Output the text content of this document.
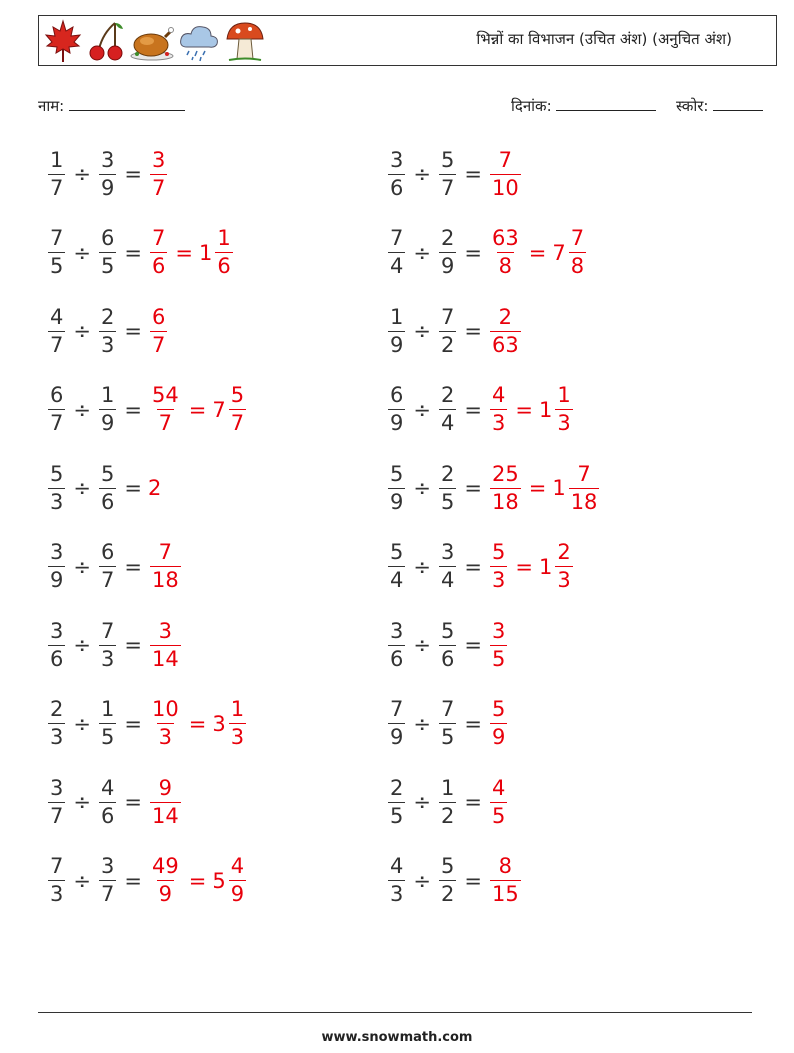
भिन्नों का विभाजन (उचित अंश) (अनुचित अंश)
नाम:	दिनांक:	स्कोर:
$\frac{1}{7} \div \frac{3}{9} = \frac{3}{7}$	$\frac{3}{6} \div \frac{5}{7} = \frac{7}{10}$
$\frac{7}{5} \div \frac{6}{5} = \frac{7}{6} = 1 \frac{1}{6}$	$\frac{7}{4} \div \frac{2}{9} = \frac{63}{8} = 7 \frac{7}{8}$
$\frac{4}{7} \div \frac{2}{3} = \frac{6}{7}$	$\frac{1}{9} \div \frac{7}{2} = \frac{2}{63}$
$\frac{6}{7} \div \frac{1}{9} = \frac{54}{7} = 7 \frac{5}{7}$	$\frac{6}{9} \div \frac{2}{4} = \frac{4}{3} = 1 \frac{1}{3}$
$\frac{5}{3} \div \frac{5}{6} = 2$	$\frac{5}{9} \div \frac{2}{5} = \frac{25}{18} = 1 \frac{7}{18}$
$\frac{3}{9} \div \frac{6}{7} = \frac{7}{18}$	$\frac{5}{4} \div \frac{3}{4} = \frac{5}{3} = 1 \frac{2}{3}$
$\frac{3}{6} \div \frac{7}{3} = \frac{3}{14}$	$\frac{3}{6} \div \frac{5}{6} = \frac{3}{5}$
$\frac{2}{3} \div \frac{1}{5} = \frac{10}{3} = 3 \frac{1}{3}$	$\frac{7}{9} \div \frac{7}{5} = \frac{5}{9}$
$\frac{3}{7} \div \frac{4}{6} = \frac{9}{14}$	$\frac{2}{5} \div \frac{1}{2} = \frac{4}{5}$
$\frac{7}{3} \div \frac{3}{7} = \frac{49}{9} = 5 \frac{4}{9}$	$\frac{4}{3} \div \frac{5}{2} = \frac{8}{15}$
www.snowmath.com
